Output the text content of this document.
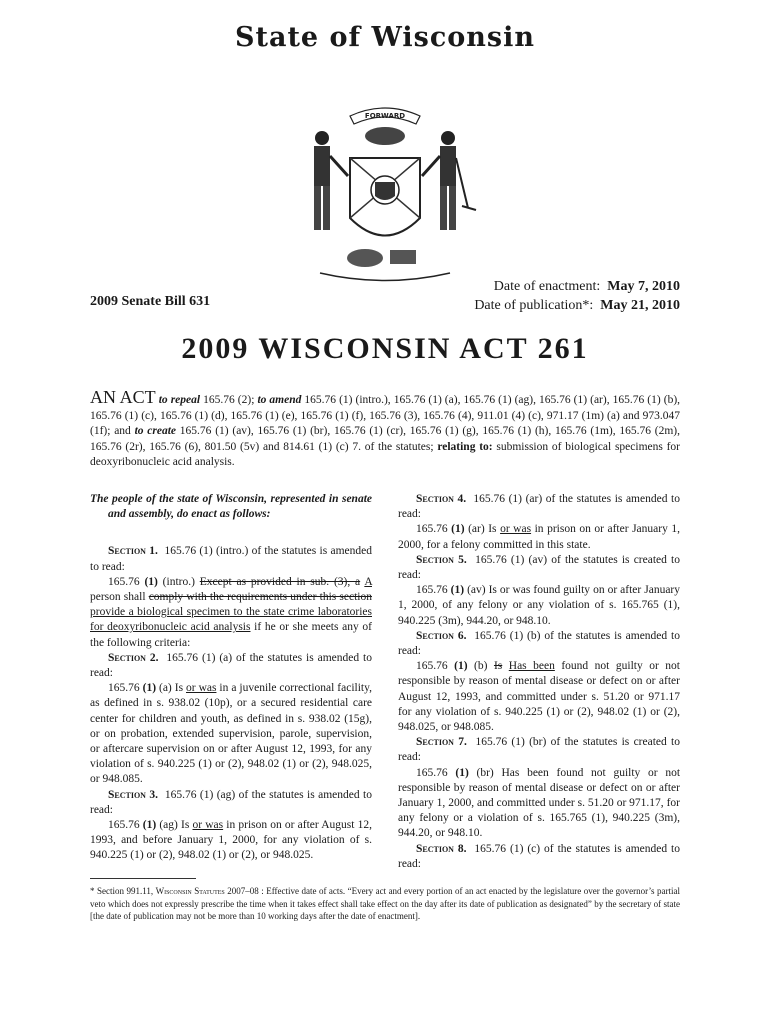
State of Wisconsin
FORWARD
2009 Senate Bill 631
Date of enactment: May 7, 2010
Date of publication*: May 21, 2010
2009 WISCONSIN ACT 261
AN ACT to repeal 165.76 (2); to amend 165.76 (1) (intro.), 165.76 (1) (a), 165.76 (1) (ag), 165.76 (1) (ar), 165.76 (1) (b), 165.76 (1) (c), 165.76 (1) (d), 165.76 (1) (e), 165.76 (1) (f), 165.76 (3), 165.76 (4), 911.01 (4) (c), 971.17 (1m) (a) and 973.047 (1f); and to create 165.76 (1) (av), 165.76 (1) (br), 165.76 (1) (cr), 165.76 (1) (g), 165.76 (1) (h), 165.76 (1m), 165.76 (2m), 165.76 (2r), 165.76 (6), 801.50 (5v) and 814.61 (1) (c) 7. of the statutes; relating to: submission of biological specimens for deoxyribonucleic acid analysis.

The people of the state of Wisconsin, represented in senate and assembly, do enact as follows:

Section 1. 165.76 (1) (intro.) of the statutes is amended to read:

165.76 (1) (intro.) Except as provided in sub. (3), a A person shall comply with the requirements under this section provide a biological specimen to the state crime laboratories for deoxyribonucleic acid analysis if he or she meets any of the following criteria:

Section 2. 165.76 (1) (a) of the statutes is amended to read:

165.76 (1) (a) Is or was in a juvenile correctional facility, as defined in s. 938.02 (10p), or a secured residential care center for children and youth, as defined in s. 938.02 (15g), or on probation, extended supervision, parole, supervision, or aftercare supervision on or after August 12, 1993, for any violation of s. 940.225 (1) or (2), 948.02 (1) or (2), 948.025, or 948.085.

Section 3. 165.76 (1) (ag) of the statutes is amended to read:

165.76 (1) (ag) Is or was in prison on or after August 12, 1993, and before January 1, 2000, for any violation of s. 940.225 (1) or (2), 948.02 (1) or (2), or 948.025.

Section 4. 165.76 (1) (ar) of the statutes is amended to read:

165.76 (1) (ar) Is or was in prison on or after January 1, 2000, for a felony committed in this state.

Section 5. 165.76 (1) (av) of the statutes is created to read:

165.76 (1) (av) Is or was found guilty on or after January 1, 2000, of any felony or any violation of s. 165.765 (1), 940.225 (3m), 944.20, or 948.10.

Section 6. 165.76 (1) (b) of the statutes is amended to read:

165.76 (1) (b) Is Has been found not guilty or not responsible by reason of mental disease or defect on or after August 12, 1993, and committed under s. 51.20 or 971.17 for any violation of s. 940.225 (1) or (2), 948.02 (1) or (2), 948.025, or 948.085.

Section 7. 165.76 (1) (br) of the statutes is created to read:

165.76 (1) (br) Has been found not guilty or not responsible by reason of mental disease or defect on or after January 1, 2000, and committed under s. 51.20 or 971.17, for any felony or a violation of s. 165.765 (1), 940.225 (3m), 944.20, or 948.10.

Section 8. 165.76 (1) (c) of the statutes is amended to read:

* Section 991.11, Wisconsin Statutes 2007–08 : Effective date of acts. “Every act and every portion of an act enacted by the legislature over the governor’s partial veto which does not expressly prescribe the time when it takes effect shall take effect on the day after its date of publication as designated” by the secretary of state [the date of publication may not be more than 10 working days after the date of enactment].
